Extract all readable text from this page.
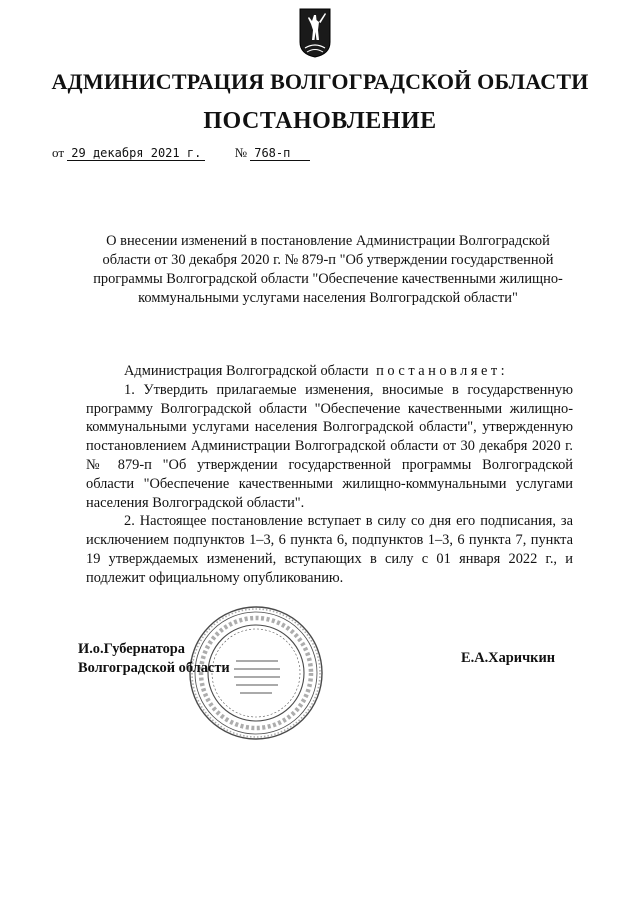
АДМИНИСТРАЦИЯ ВОЛГОГРАДСКОЙ ОБЛАСТИ
ПОСТАНОВЛЕНИЕ
от 29 декабря 2021 г.	№ 768-п

О внесении изменений в постановление Администрации Волгоградской области от 30 декабря 2020 г. № 879-п "Об утверждении государственной программы Волгоградской области "Обеспечение качественными жилищно-коммунальными услугами населения Волгоградской области"

Администрация Волгоградской области постановляет:

1. Утвердить прилагаемые изменения, вносимые в государственную программу Волгоградской области "Обеспечение качественными жилищно-коммунальными услугами населения Волгоградской области", утвержденную постановлением Администрации Волгоградской области от 30 декабря 2020 г. № 879-п "Об утверждении государственной программы Волгоградской области "Обеспечение качественными жилищно-коммунальными услугами населения Волгоградской области".

2. Настоящее постановление вступает в силу со дня его подписания, за исключением подпунктов 1–3, 6 пункта 6, подпунктов 1–3, 6 пункта 7, пункта 19 утверждаемых изменений, вступающих в силу с 01 января 2022 г., и подлежит официальному опубликованию.

И.о.Губернатора
Волгоградской области
Е.А.Харичкин
